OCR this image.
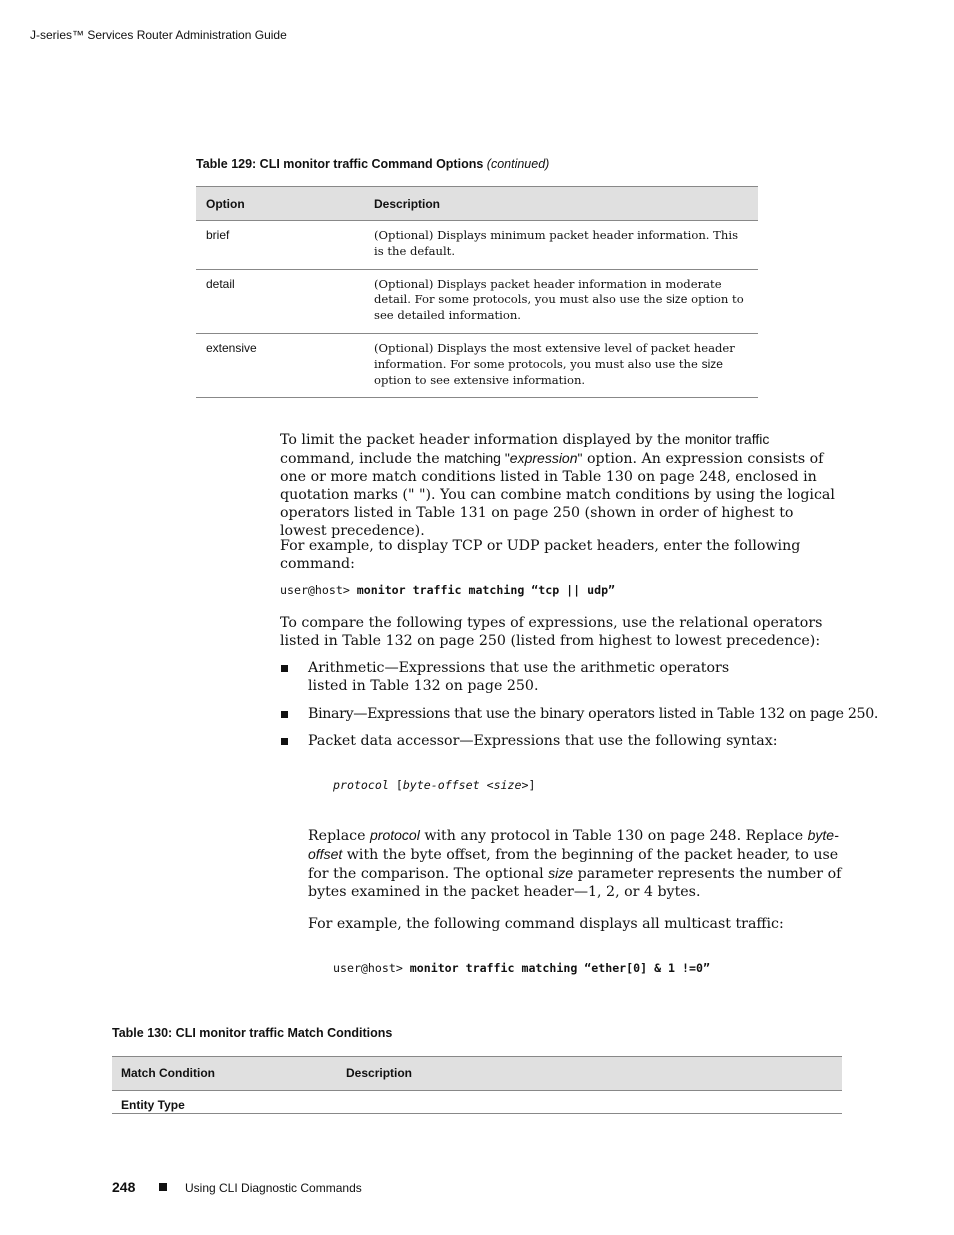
J-series™ Services Router Administration Guide
Table 129: CLI monitor traffic Command Options (continued)
Option	Description
brief	(Optional) Displays minimum packet header information. This is the default.
detail	(Optional) Displays packet header information in moderate detail. For some protocols, you must also use the size option to see detailed information.
extensive	(Optional) Displays the most extensive level of packet header information. For some protocols, you must also use the size option to see extensive information.
To limit the packet header information displayed by the monitor traffic command, include the matching "expression" option. An expression consists of one or more match conditions listed in Table 130 on page 248, enclosed in quotation marks (" "). You can combine match conditions by using the logical operators listed in Table 131 on page 250 (shown in order of highest to lowest precedence).
For example, to display TCP or UDP packet headers, enter the following command:
user@host> monitor traffic matching “tcp || udp”
To compare the following types of expressions, use the relational operators listed in Table 132 on page 250 (listed from highest to lowest precedence):
Arithmetic—Expressions that use the arithmetic operators listed in Table 132 on page 250.
Binary—Expressions that use the binary operators listed in Table 132 on page 250.
Packet data accessor—Expressions that use the following syntax:
protocol [byte-offset <size>]
Replace protocol with any protocol in Table 130 on page 248. Replace byte-offset with the byte offset, from the beginning of the packet header, to use for the comparison. The optional size parameter represents the number of bytes examined in the packet header—1, 2, or 4 bytes.
For example, the following command displays all multicast traffic:
user@host> monitor traffic matching “ether[0] & 1 !=0”
Table 130: CLI monitor traffic Match Conditions
Match Condition	Description
Entity Type
248	Using CLI Diagnostic Commands
